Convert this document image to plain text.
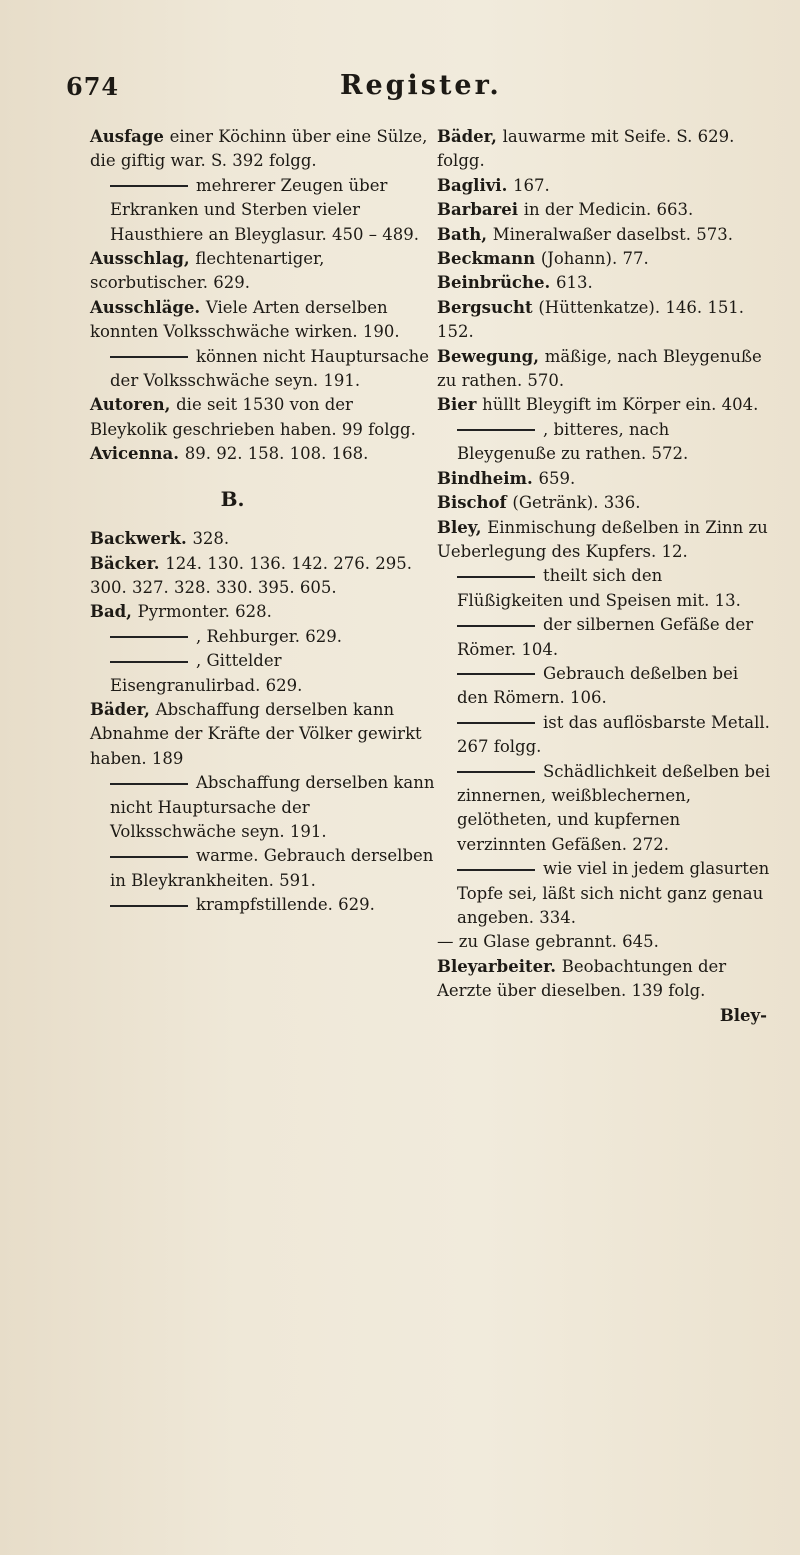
674	Register.

Ausfage einer Köchinn über eine Sülze, die giftig war. S. 392 folgg.

mehrerer Zeugen über Erkranken und Sterben vieler Hausthiere an Bleyglasur. 450 – 489.

Ausschlag, flechtenartiger, scorbutischer. 629.

Ausschläge. Viele Arten derselben konnten Volksschwäche wirken. 190.

können nicht Hauptursache der Volksschwäche seyn. 191.

Autoren, die seit 1530 von der Bleykolik geschrieben haben. 99 folgg.

Avicenna. 89. 92. 158. 108. 168.

B.

Backwerk. 328.

Bäcker. 124. 130. 136. 142. 276. 295. 300. 327. 328. 330. 395. 605.

Bad, Pyrmonter. 628.

, Rehburger. 629.

, Gittelder Eisengranulirbad. 629.

Bäder, Abschaffung derselben kann Abnahme der Kräfte der Völker gewirkt haben. 189

Abschaffung derselben kann nicht Hauptursache der Volksschwäche seyn. 191.

warme. Gebrauch derselben in Bleykrankheiten. 591.

krampfstillende. 629.

Bäder, lauwarme mit Seife. S. 629. folgg.

Baglivi. 167.

Barbarei in der Medicin. 663.

Bath, Mineralwaßer daselbst. 573.

Beckmann (Johann). 77.

Beinbrüche. 613.

Bergsucht (Hüttenkatze). 146. 151. 152.

Bewegung, mäßige, nach Bleygenuße zu rathen. 570.

Bier hüllt Bleygift im Körper ein. 404.

, bitteres, nach Bleygenuße zu rathen. 572.

Bindheim. 659.

Bischof (Getränk). 336.

Bley, Einmischung deßelben in Zinn zu Ueberlegung des Kupfers. 12.

theilt sich den Flüßigkeiten und Speisen mit. 13.

der silbernen Gefäße der Römer. 104.

Gebrauch deßelben bei den Römern. 106.

ist das auflösbarste Metall. 267 folgg.

Schädlichkeit deßelben bei zinnernen, weißblechernen, gelötheten, und kupfernen verzinnten Gefäßen. 272.

wie viel in jedem glasurten Topfe sei, läßt sich nicht ganz genau angeben. 334.

— zu Glase gebrannt. 645.

Bleyarbeiter. Beobachtungen der Aerzte über dieselben. 139 folg.

Bley-
